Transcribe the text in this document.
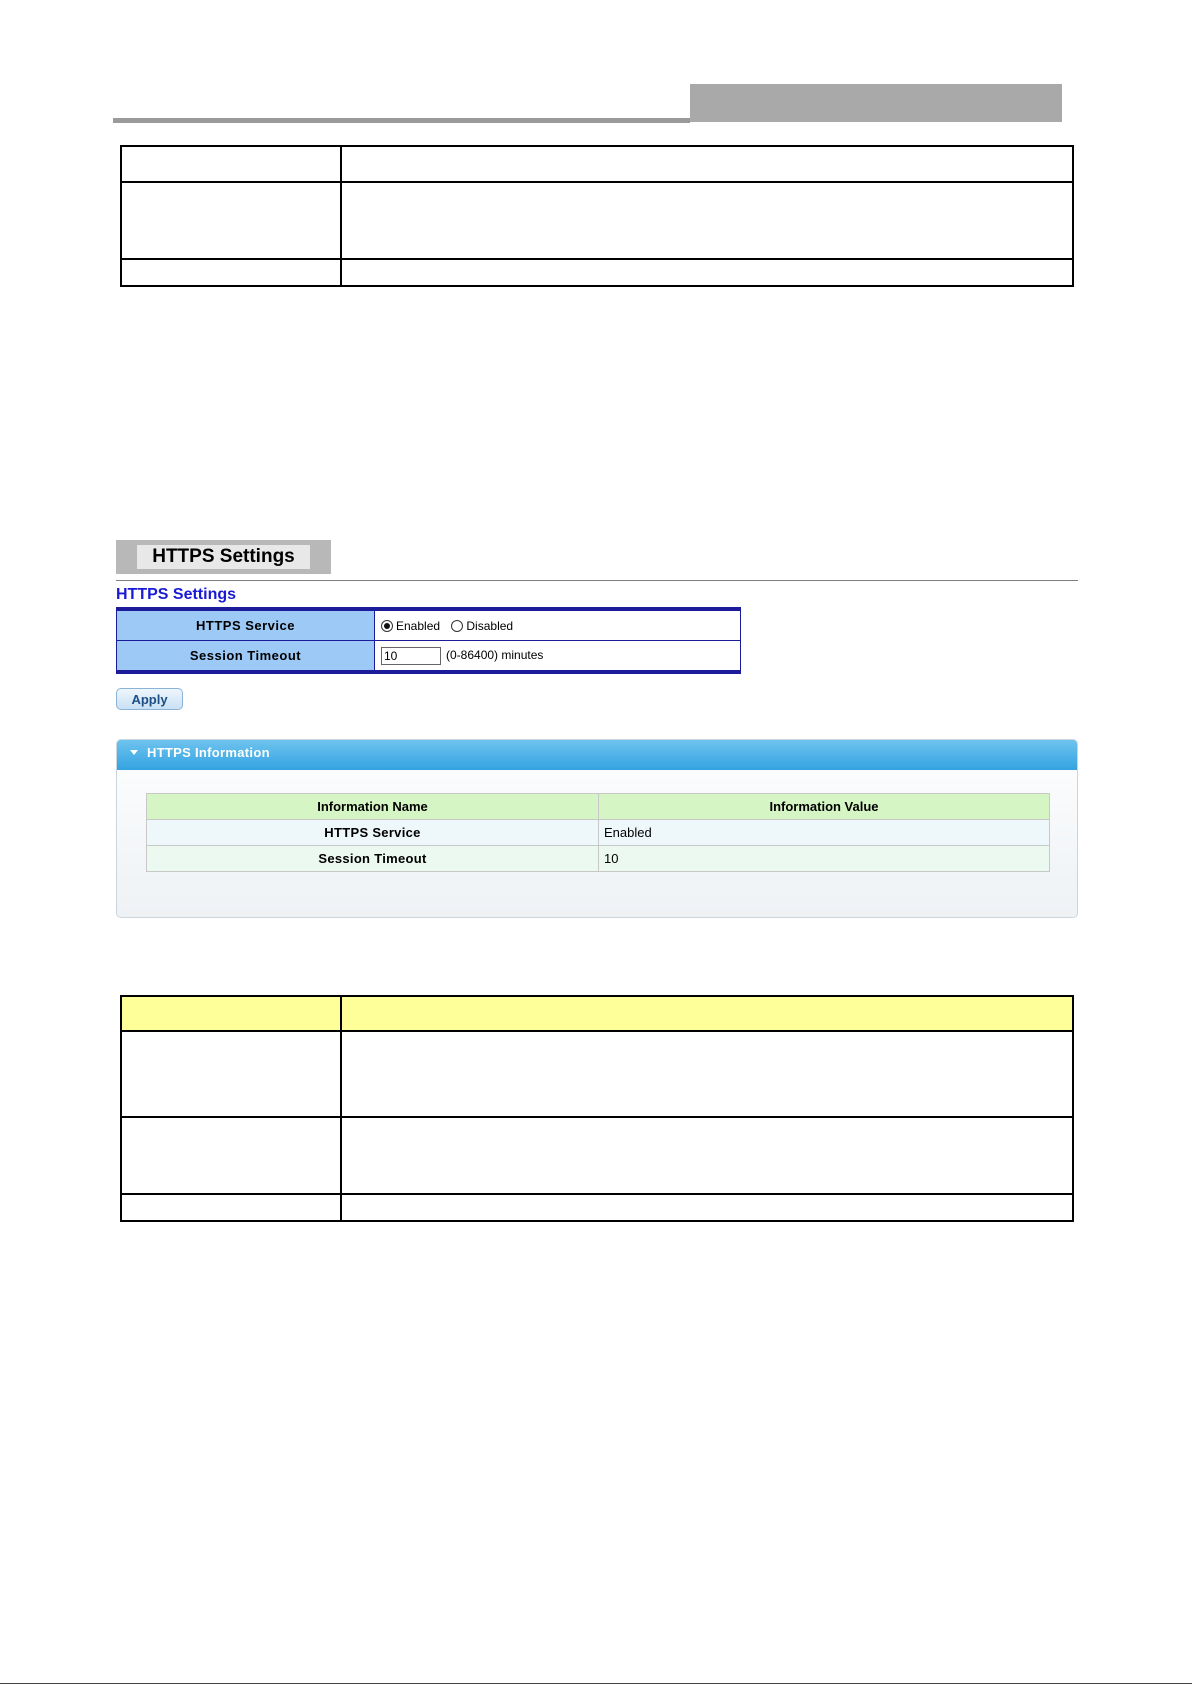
HTTPS Settings
HTTPS Settings
HTTPS Service	Enabled Disabled
Session Timeout	10 (0-86400) minutes
Apply
HTTPS Information
Information Name	Information Value
HTTPS Service	Enabled
Session Timeout	10
